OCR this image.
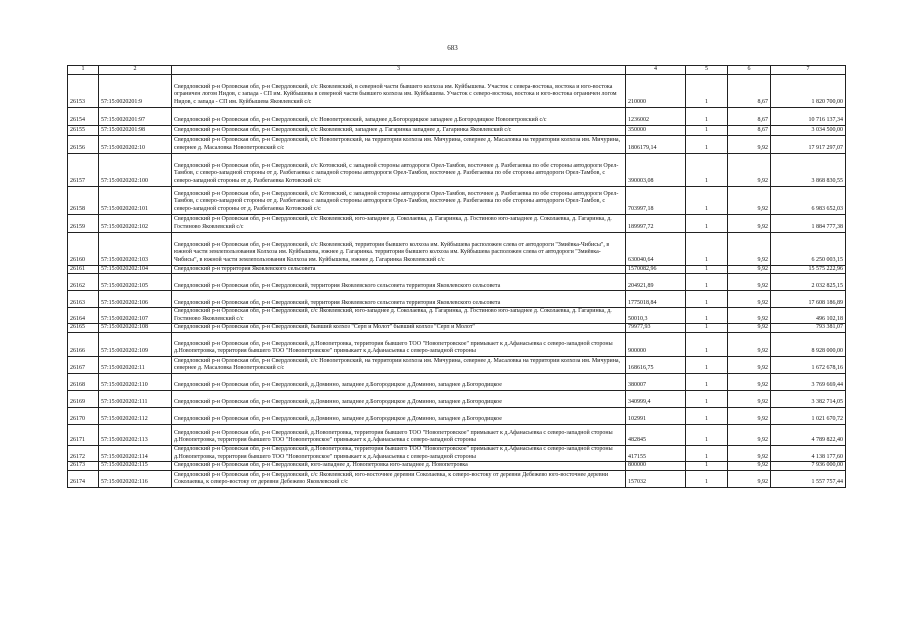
683
1	2	3	4	5	6	7
26153	57:15:0020201:9	Свердловский р-н Орловская обл, р-н Свердловский, с/с Яковлевский, в северной части бывшего колхоза им. Куйбышева. Участок с севера-востока, востока и юго-востока ограничен логом Нидов, с запада - СП им. Куйбышева в северной части бывшего колхоза им. Куйбышева. Участок с северо-востока, востока и юго-востока ограничен логом Нидов, с запада - СП им. Куйбышева Яковлевский с/с	210000	1	8,67	1 820 700,00
26154	57:15:0020201:97	Свердловский р-н Орловская обл, р-н Свердловский, с/с Новопетровский, западнее д.Богородицкое западнее д.Богородицкое Новопетровский с/с	1236002	1	8,67	10 716 137,34
26155	57:15:0020201:98	Свердловский р-н Орловская обл, р-н Свердловский, с/с Яковлевский, западнее д. Гагаринка западнее д. Гагаринка Яковлевский с/с	350000	1	8,67	3 034 500,00
26156	57:15:0020202:10	Свердловский р-н Орловская обл, р-н Свердловский, с/с Новопетровский, на территории колхоза им. Мичурина, севернее д. Масаловка на территории колхоза им. Мичурина, севернее д. Масаловка Новопетровский с/с	1806179,14	1	9,92	17 917 297,07
26157	57:15:0020202:100	Свердловский р-н Орловская обл, р-н Свердловский, с/с Котовский, с западной стороны автодороги Орел-Тамбов, восточнее д. Разбегаевка по обе стороны автодороги Орел-Тамбов, с северо-западной стороны от д. Разбегаевка с западной стороны автодороги Орел-Тамбов, восточнее д. Разбегаевка по обе стороны автодороги Орел-Тамбов, с северо-западной стороны от д. Разбегаевка Котовский с/с	390003,08	1	9,92	3 868 830,55
26158	57:15:0020202:101	Свердловский р-н Орловская обл, р-н Свердловский, с/с Котовский, с западной стороны автодороги Орел-Тамбов, восточнее д. Разбегаевка по обе стороны автодороги Орел-Тамбов, с северо-западной стороны от д. Разбегаевка с западной стороны автодороги Орел-Тамбов, восточнее д. Разбегаевка по обе стороны автодороги Орел-Тамбов, с северо-западной стороны от д. Разбегаевка Котовский с/с	703997,18	1	9,92	6 983 652,03
26159	57:15:0020202:102	Свердловский р-н Орловская обл, р-н Свердловский, с/с Яковлевский, юго-западнее д. Соколаевка, д. Гагаринка, д. Гостиново юго-западнее д. Соколаевка, д. Гагаринка, д. Гостиново Яковлевский с/с	189997,72	1	9,92	1 884 777,38
26160	57:15:0020202:103	Свердловский р-н Орловская обл, р-н Свердловский, с/с Яковлевский, территория бывшего колхоза им. Куйбышева расположен слева от автодороги "Змиёвка-Чибисы", в южной части землепользования Колхоза им. Куйбышева, южнее д. Гагаринка. территория бывшего колхоза им. Куйбышева расположен слева от автодороги "Змиёвка-Чибисы", в южной части землепользования Колхоза им. Куйбышева, южнее д. Гагаринка Яковлевский с/с	630040,64	1	9,92	6 250 003,15
26161	57:15:0020202:104	Свердловский р-н территория Яковлевского сельсовета	1570082,96	1	9,92	15 575 222,96
26162	57:15:0020202:105	Свердловский р-н Орловская обл, р-н Свердловский, территория Яковлевского сельсовета территория Яковлевского сельсовета	204921,89	1	9,92	2 032 825,15
26163	57:15:0020202:106	Свердловский р-н Орловская обл, р-н Свердловский, территория Яковлевского сельсовета территория Яковлевского сельсовета	1775018,84	1	9,92	17 608 186,89
26164	57:15:0020202:107	Свердловский р-н Орловская обл, р-н Свердловский, с/с Яковлевский, юго-западнее д. Соколаевка, д. Гагаринка, д. Гостиново юго-западнее д. Соколаевка, д. Гагаринка, д. Гостиново Яковлевский с/с	50010,3	1	9,92	496 102,18
26165	57:15:0020202:108	Свердловский р-н Орловская обл, р-н Свердловский, бывший колхоз "Серп и Молот" бывший колхоз "Серп и Молот"	79977,93	1	9,92	793 381,07
26166	57:15:0020202:109	Свердловский р-н Орловская обл, р-н Свердловский, д.Новопетровка, территория бывшего ТОО "Новопетровское" примыкает к д.Афанасьевка с северо-западной стороны д.Новопетровка, территория бывшего ТОО "Новопетровское" примыкает к д.Афанасьевка с северо-западной стороны	900000	1	9,92	8 928 000,00
26167	57:15:0020202:11	Свердловский р-н Орловская обл, р-н Свердловский, с/с Новопетровский, на территории колхоза им. Мичурина, севернее д. Масаловка на территории колхоза им. Мичурина, севернее д. Масаловка Новопетровский с/с	168616,75	1	9,92	1 672 678,16
26168	57:15:0020202:110	Свердловский р-н Орловская обл, р-н Свердловский, д.Доминно, западнее д.Богородицкое д.Доминно, западнее д.Богородицкое	380007	1	9,92	3 769 669,44
26169	57:15:0020202:111	Свердловский р-н Орловская обл, р-н Свердловский, д.Доминно, западнее д.Богородицкое д.Доминно, западнее д.Богородицкое	340999,4	1	9,92	3 382 714,05
26170	57:15:0020202:112	Свердловский р-н Орловская обл, р-н Свердловский, д.Доминно, западнее д.Богородицкое д.Доминно, западнее д.Богородицкое	102991	1	9,92	1 021 670,72
26171	57:15:0020202:113	Свердловский р-н Орловская обл, р-н Свердловский, д.Новопетровка, территория бывшего ТОО "Новопетровское" примыкает к д.Афанасьевка с северо-западной стороны д.Новопетровка, территория бывшего ТОО "Новопетровское" примыкает к д.Афанасьевка с северо-западной стороны	482845	1	9,92	4 789 822,40
26172	57:15:0020202:114	Свердловский р-н Орловская обл, р-н Свердловский, д.Новопетровка, территория бывшего ТОО "Новопетровское" примыкает к д.Афанасьевка с северо-западной стороны д.Новопетровка, территория бывшего ТОО "Новопетровское" примыкает к д.Афанасьевка с северо-западной стороны	417155	1	9,92	4 138 177,60
26173	57:15:0020202:115	Свердловский р-н Орловская обл, р-н Свердловский, юго-западнее д. Новопетровка юго-западнее д. Новопетровка	800000	1	9,92	7 936 000,00
26174	57:15:0020202:116	Свердловский р-н Орловская обл, р-н Свердловский, с/с Яковлевский, юго-восточнее деревни Соколаевка, к северо-востоку от деревни Дебежево юго-восточнее деревни Соколаевка, к северо-востоку от деревни Дебежево Яковлевский с/с	157032	1	9,92	1 557 757,44
